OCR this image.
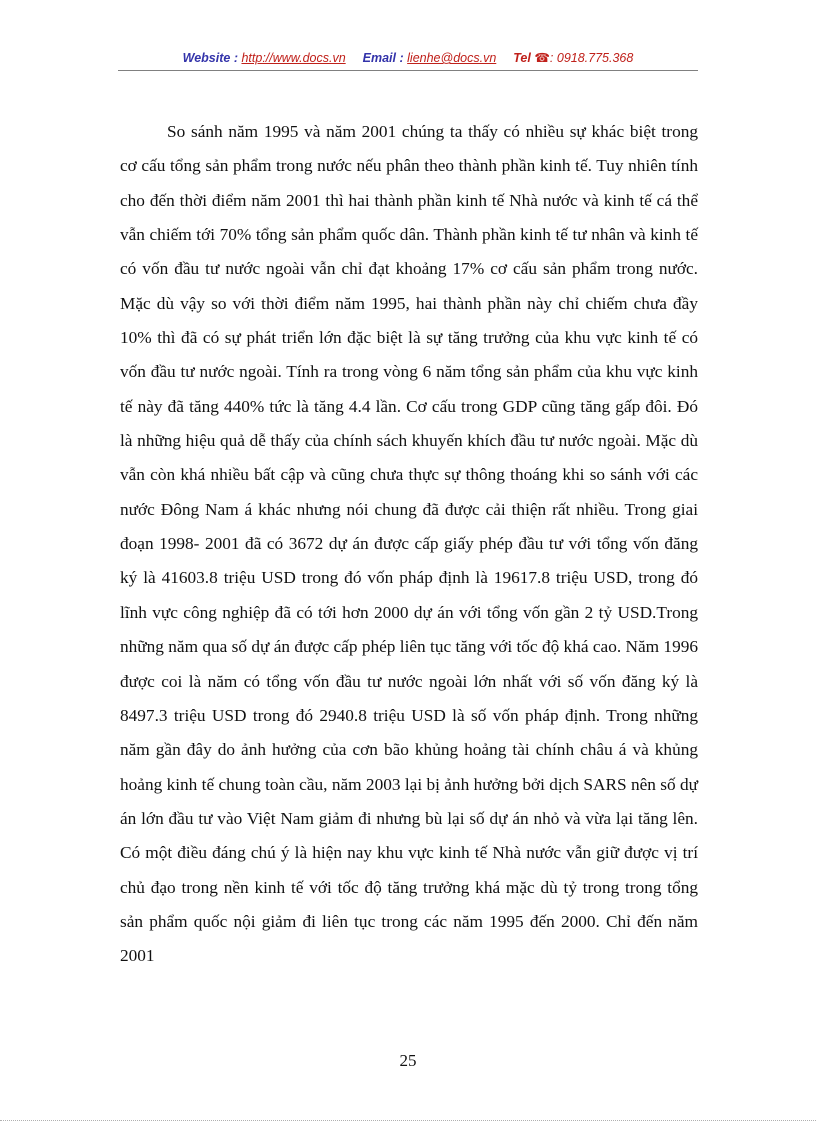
Website : http://www.docs.vn Email : lienhe@docs.vn Tel ☎: 0918.775.368

So sánh năm 1995 và năm 2001 chúng ta thấy có nhiều sự khác biệt trong cơ cấu tổng sản phẩm trong nước nếu phân theo thành phần kinh tế. Tuy nhiên tính cho đến thời điểm năm 2001 thì hai thành phần kinh tế Nhà nước và kinh tế cá thể vẫn chiếm tới 70% tổng sản phẩm quốc dân. Thành phần kinh tế tư nhân và kinh tế có vốn đầu tư nước ngoài vẫn chỉ đạt khoảng 17% cơ cấu sản phẩm trong nước. Mặc dù vậy so với thời điểm năm 1995, hai thành phần này chỉ chiếm chưa đầy 10% thì đã có sự phát triển lớn đặc biệt là sự tăng trưởng của khu vực kinh tế có vốn đầu tư nước ngoài. Tính ra trong vòng 6 năm tổng sản phẩm của khu vực kinh tế này đã tăng 440% tức là tăng 4.4 lần. Cơ cấu trong GDP cũng tăng gấp đôi. Đó là những hiệu quả dễ thấy của chính sách khuyến khích đầu tư nước ngoài. Mặc dù vẫn còn khá nhiều bất cập và cũng chưa thực sự thông thoáng khi so sánh với các nước Đông Nam á khác nhưng nói chung đã được cải thiện rất nhiều. Trong giai đoạn 1998- 2001 đã có 3672 dự án được cấp giấy phép đầu tư với tổng vốn đăng ký là 41603.8 triệu USD trong đó vốn pháp định là 19617.8 triệu USD, trong đó lĩnh vực công nghiệp đã có tới hơn 2000 dự án với tổng vốn gần 2 tỷ USD.Trong những năm qua số dự án được cấp phép liên tục tăng với tốc độ khá cao. Năm 1996 được coi là năm có tổng vốn đầu tư nước ngoài lớn nhất với số vốn đăng ký là 8497.3 triệu USD trong đó 2940.8 triệu USD là số vốn pháp định. Trong những năm gần đây do ảnh hưởng của cơn bão khủng hoảng tài chính châu á và khủng hoảng kinh tế chung toàn cầu, năm 2003 lại bị ảnh hưởng bởi dịch SARS nên số dự án lớn đầu tư vào Việt Nam giảm đi nhưng bù lại số dự án nhỏ và vừa lại tăng lên. Có một điều đáng chú ý là hiện nay khu vực kinh tế Nhà nước vẫn giữ được vị trí chủ đạo trong nền kinh tế với tốc độ tăng trưởng khá mặc dù tỷ trong trong tổng sản phẩm quốc nội giảm đi liên tục trong các năm 1995 đến 2000. Chỉ đến năm 2001

25
